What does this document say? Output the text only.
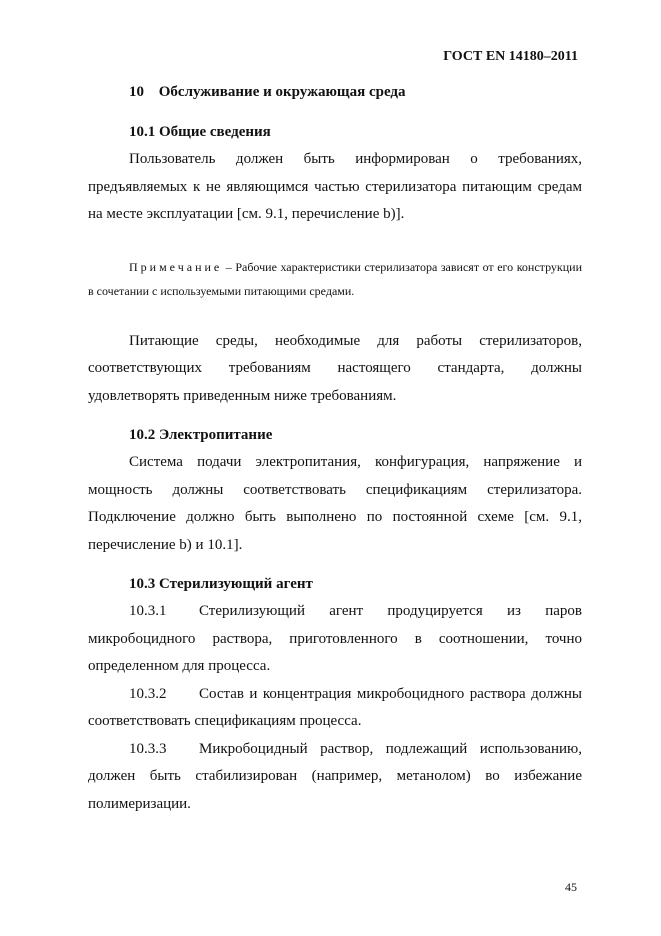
ГОСТ EN 14180–2011
10 Обслуживание и окружающая среда
10.1 Общие сведения

Пользователь должен быть информирован о требованиях, предъявляемых к не являющимся частью стерилизатора питающим средам на месте эксплуатации [см. 9.1, перечисление b)].

Примечание – Рабочие характеристики стерилизатора зависят от его конструкции в сочетании с используемыми питающими средами.

Питающие среды, необходимые для работы стерилизаторов, соответствующих требованиям настоящего стандарта, должны удовлетворять приведенным ниже требованиям.

10.2 Электропитание

Система подачи электропитания, конфигурация, напряжение и мощность должны соответствовать спецификациям стерилизатора. Подключение должно быть выполнено по постоянной схеме [см. 9.1, перечисление b) и 10.1].

10.3 Стерилизующий агент

10.3.1 Стерилизующий агент продуцируется из паров микробоцидного раствора, приготовленного в соотношении, точно определенном для процесса.

10.3.2 Состав и концентрация микробоцидного раствора должны соответствовать спецификациям процесса.

10.3.3 Микробоцидный раствор, подлежащий использованию, должен быть стабилизирован (например, метанолом) во избежание полимеризации.

45
